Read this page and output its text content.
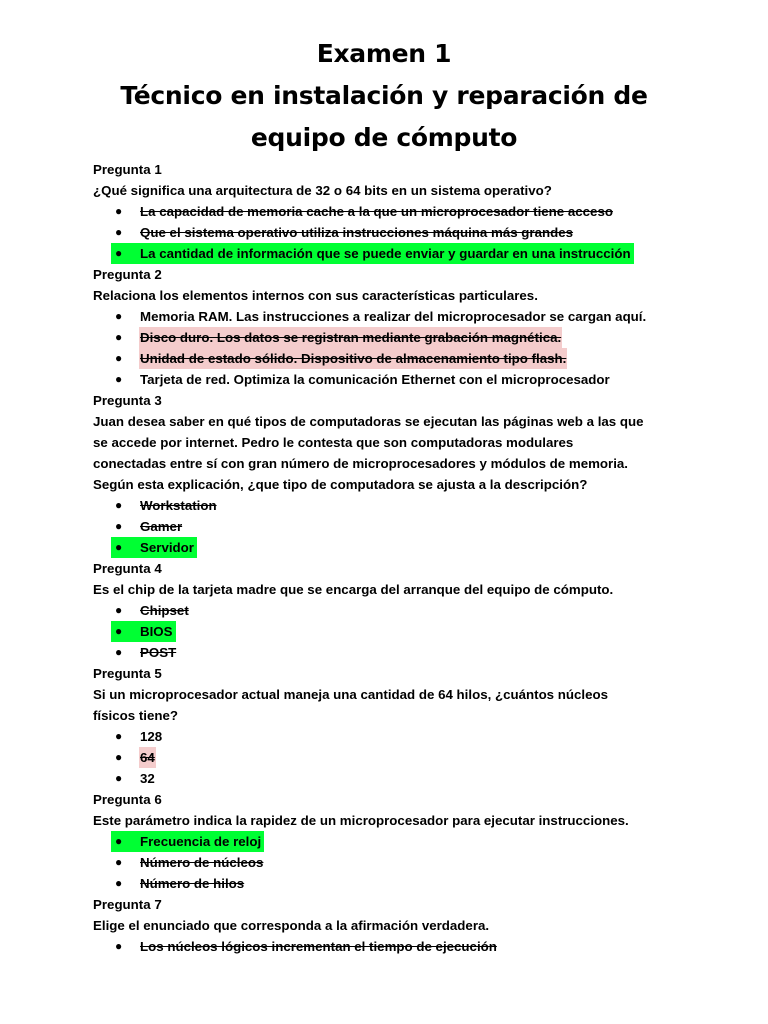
Examen 1
Técnico en instalación y reparación de
equipo de cómputo
Pregunta 1
¿Qué significa una arquitectura de 32 o 64 bits en un sistema operativo?
● La capacidad de memoria cache a la que un microprocesador tiene acceso
● Que el sistema operativo utiliza instrucciones máquina más grandes
● La cantidad de información que se puede enviar y guardar en una instrucción
Pregunta 2
Relaciona los elementos internos con sus características particulares.
● Memoria RAM. Las instrucciones a realizar del microprocesador se cargan aquí.
● Disco duro. Los datos se registran mediante grabación magnética.
● Unidad de estado sólido. Dispositivo de almacenamiento tipo flash.
● Tarjeta de red. Optimiza la comunicación Ethernet con el microprocesador
Pregunta 3
Juan desea saber en qué tipos de computadoras se ejecutan las páginas web a las que
se accede por internet. Pedro le contesta que son computadoras modulares
conectadas entre sí con gran número de microprocesadores y módulos de memoria.
Según esta explicación, ¿que tipo de computadora se ajusta a la descripción?
● Workstation
● Gamer
● Servidor
Pregunta 4
Es el chip de la tarjeta madre que se encarga del arranque del equipo de cómputo.
● Chipset
● BIOS
● POST
Pregunta 5
Si un microprocesador actual maneja una cantidad de 64 hilos, ¿cuántos núcleos
físicos tiene?
● 128
● 64
● 32
Pregunta 6
Este parámetro indica la rapidez de un microprocesador para ejecutar instrucciones.
● Frecuencia de reloj
● Número de núcleos
● Número de hilos
Pregunta 7
Elige el enunciado que corresponda a la afirmación verdadera.
● Los núcleos lógicos incrementan el tiempo de ejecución
